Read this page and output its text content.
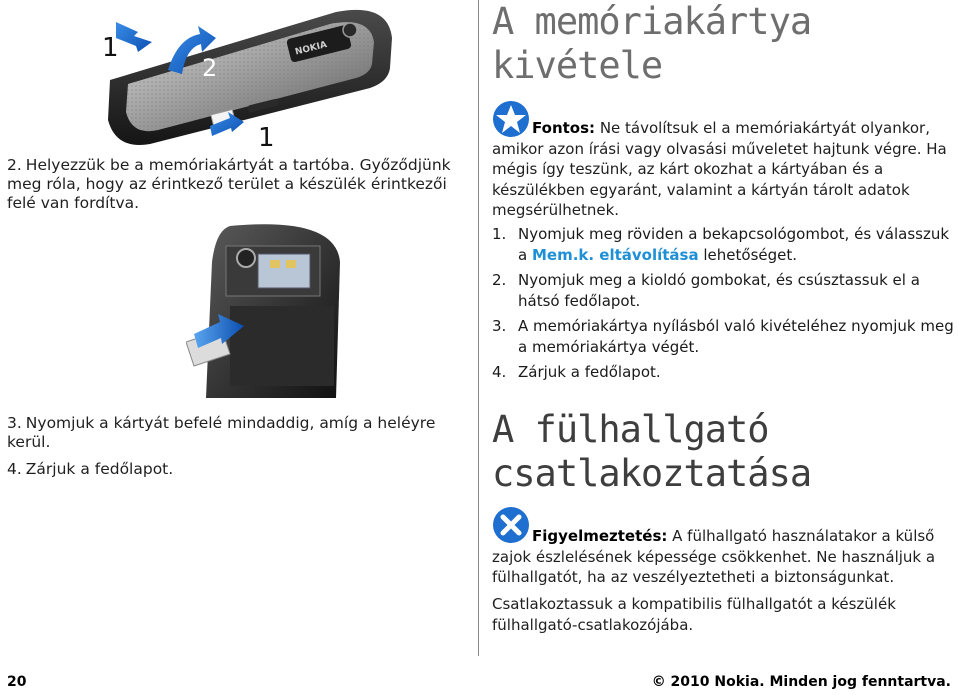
NOKIA
1
2
1

2. Helyezzük be a memóriakártyát a tartóba. Győződjünk meg róla, hogy az érintkező terület a készülék érintkezői felé van fordítva.

3. Nyomjuk a kártyát befelé mindaddig, amíg a heléyre kerül.

4. Zárjuk a fedőlapot.

A memóriakártya
kivétele
Fontos: Ne távolítsuk el a memóriakártyát olyankor, amikor azon írási vagy olvasási műveletet hajtunk végre. Ha mégis így teszünk, az kárt okozhat a kártyában és a készülékben egyaránt, valamint a kártyán tárolt adatok megsérülhetnek.
1. Nyomjuk meg röviden a bekapcsológombot, és válasszuk a Mem.k. eltávolítása lehetőséget.
2. Nyomjuk meg a kioldó gombokat, és csúsztassuk el a hátsó fedőlapot.
3. A memóriakártya nyílásból való kivételéhez nyomjuk meg a memóriakártya végét.
4. Zárjuk a fedőlapot.
A fülhallgató
csatlakoztatása
Figyelmeztetés: A fülhallgató használatakor a külső zajok észlelésének képessége csökkenhet. Ne használjuk a fülhallgatót, ha az veszélyeztetheti a biztonságunkat.

Csatlakoztassuk a kompatibilis fülhallgatót a készülék fülhallgató-csatlakozójába.

20	© 2010 Nokia. Minden jog fenntartva.
